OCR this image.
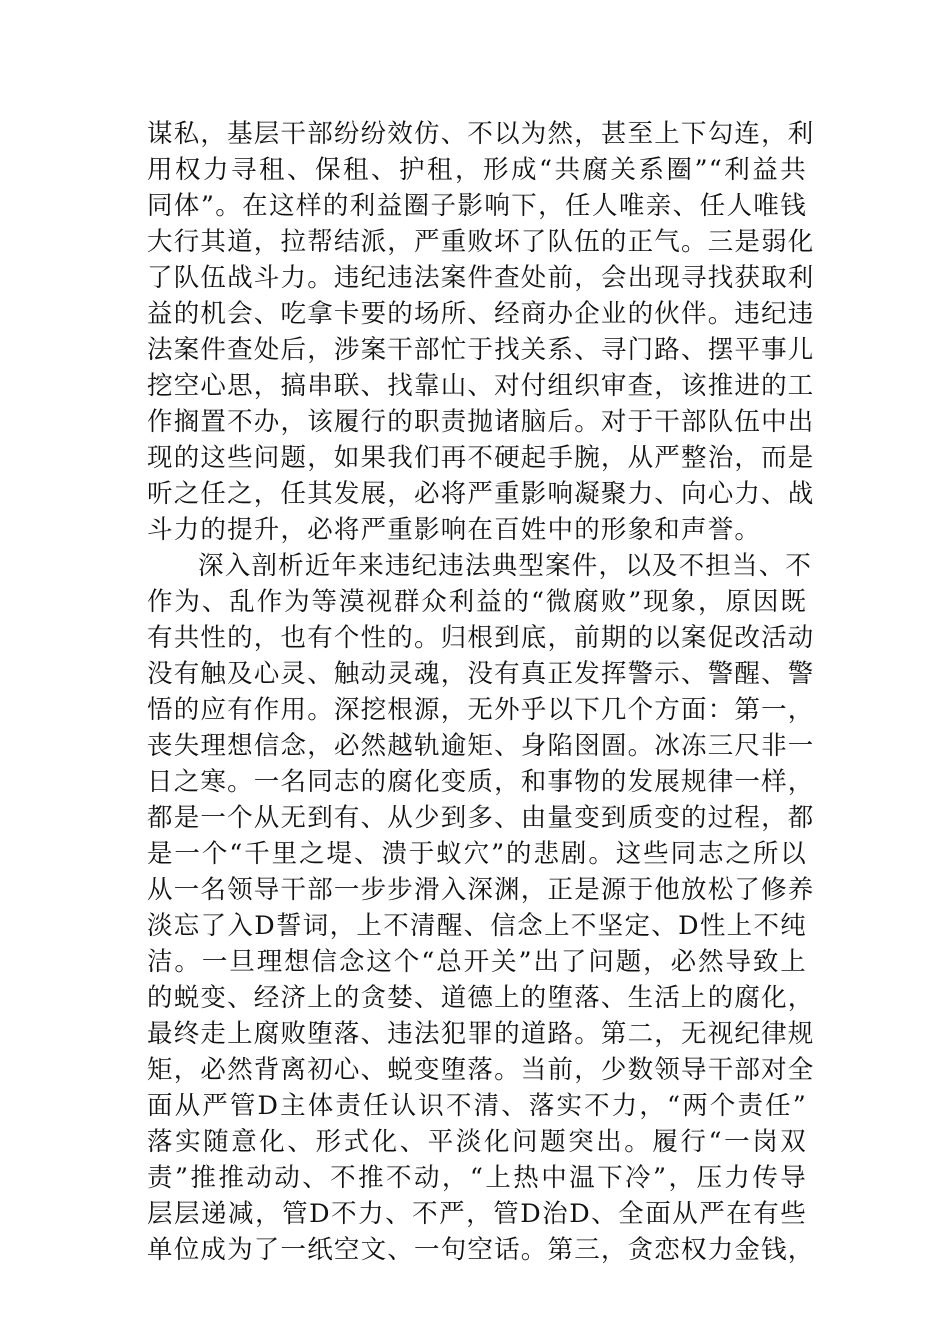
谋私，基层干部纷纷效仿、不以为然，甚至上下勾连，利
用权力寻租、保租、护租，形成“共腐关系圈”“利益共
同体”。在这样的利益圈子影响下，任人唯亲、任人唯钱
大行其道，拉帮结派，严重败坏了队伍的正气。三是弱化
了队伍战斗力。违纪违法案件查处前，会出现寻找获取利
益的机会、吃拿卡要的场所、经商办企业的伙伴。违纪违
法案件查处后，涉案干部忙于找关系、寻门路、摆平事儿
挖空心思，搞串联、找靠山、对付组织审查，该推进的工
作搁置不办，该履行的职责抛诸脑后。对于干部队伍中出
现的这些问题，如果我们再不硬起手腕，从严整治，而是
听之任之，任其发展，必将严重影响凝聚力、向心力、战
斗力的提升，必将严重影响在百姓中的形象和声誉。
深入剖析近年来违纪违法典型案件，以及不担当、不
作为、乱作为等漠视群众利益的“微腐败”现象，原因既
有共性的，也有个性的。归根到底，前期的以案促改活动
没有触及心灵、触动灵魂，没有真正发挥警示、警醒、警
悟的应有作用。深挖根源，无外乎以下几个方面：第一，
丧失理想信念，必然越轨逾矩、身陷囹圄。冰冻三尺非一
日之寒。一名同志的腐化变质，和事物的发展规律一样，
都是一个从无到有、从少到多、由量变到质变的过程，都
是一个“千里之堤、溃于蚁穴”的悲剧。这些同志之所以
从一名领导干部一步步滑入深渊，正是源于他放松了修养
淡忘了入D誓词，上不清醒、信念上不坚定、D性上不纯
洁。一旦理想信念这个“总开关”出了问题，必然导致上
的蜕变、经济上的贪婪、道德上的堕落、生活上的腐化，
最终走上腐败堕落、违法犯罪的道路。第二，无视纪律规
矩，必然背离初心、蜕变堕落。当前，少数领导干部对全
面从严管D主体责任认识不清、落实不力，“两个责任”
落实随意化、形式化、平淡化问题突出。履行“一岗双
责”推推动动、不推不动，“上热中温下冷”，压力传导
层层递减，管D不力、不严，管D治D、全面从严在有些
单位成为了一纸空文、一句空话。第三，贪恋权力金钱，
